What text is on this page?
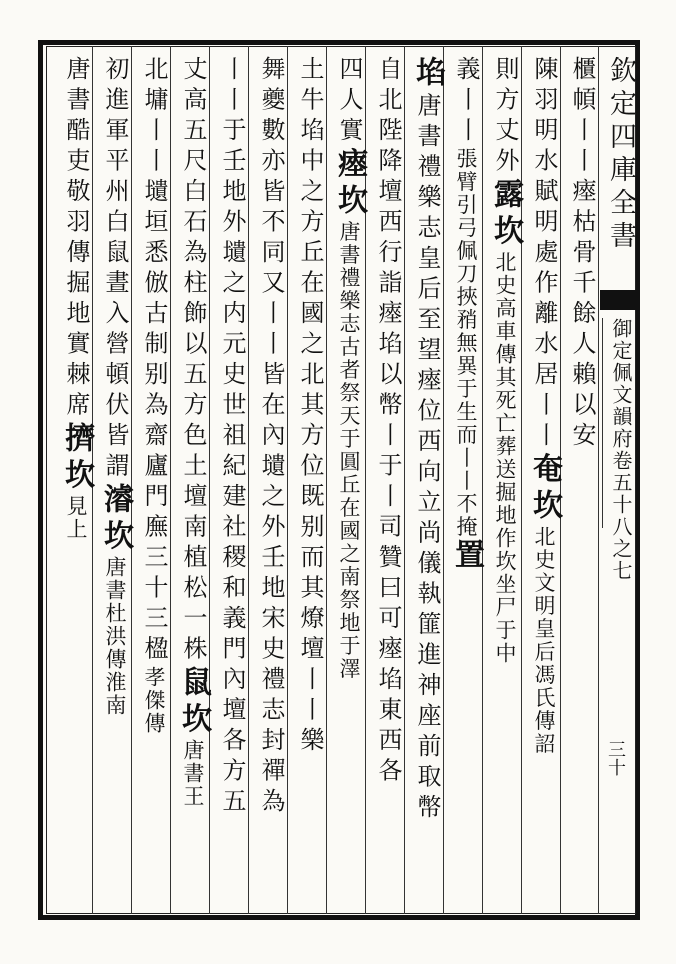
欽定四庫全書
御定佩文韻府卷五十八之七
三十
櫃幁丨丨瘞枯骨千餘人賴以安
陳羽明水賦明處作離水居丨丨奄坎北史文明皇后馮氏傳詔
則方丈外露坎北史高車傳其死亡葬送掘地作坎坐尸于中
義丨丨張臂引弓佩刀挾矟無異于生而丨丨不掩置
埳唐書禮樂志皇后至望瘞位西向立尚儀執篚進神座前取幣
自北陛降壇西行詣瘞埳以幣丨于丨司贊曰可瘞埳東西各
四人實瘞坎唐書禮樂志古者祭天于圓丘在國之南祭地于澤
土牛埳中之方丘在國之北其方位既别而其燎壇丨丨樂
舞夔數亦皆不同又丨丨皆在內壝之外壬地宋史禮志封禪為
丨丨于壬地外壝之内元史世祖紀建社稷和義門內壇各方五
丈高五尺白石為柱飾以五方色土壇南植松一株鼠坎唐書王
北墉丨丨壝垣悉倣古制别為齋廬門廡三十三楹孝傑傳
初進軍平州白鼠晝入營頓伏皆謂濬坎唐書杜洪傳淮南
唐書酷吏敬羽傳掘地實棘席擠坎見上
